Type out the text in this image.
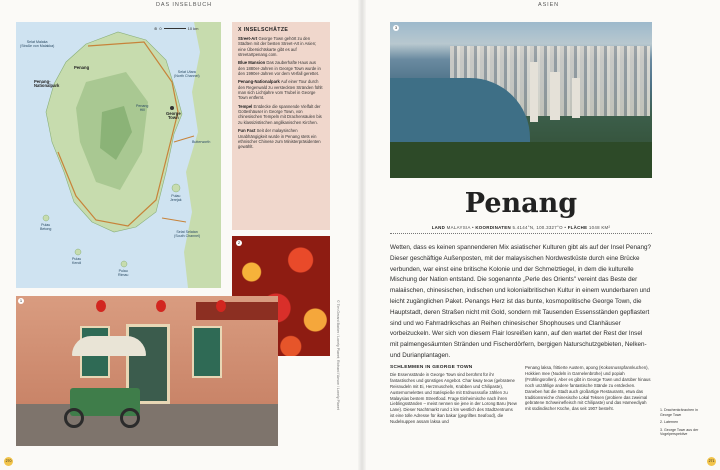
DAS INSELBUCH	ASIEN
⊛ 0	10 km
Selat Malaka
(Straße von Malakka)
Penang-
Nationalpark
Penang
Penang
Hill
George
Town
Selat Utara
(North Channel)
Butterworth
Selat Selatan
(South Channel)
Pulau
Betong
Pulau
Kendi
Pulau
Rimau
Pulau
Jerejak
X INSELSCHÄTZE

Street-Art George Town gehört zu den Städten mit der besten Street-Art in Asien; eine Übersichtskarte gibt es auf streetartpenang.com.

Blue Mansion Das zauberhafte Haus aus den 1880er-Jahren in George Town wurde in den 1990er-Jahren vor dem Verfall gerettet.

Penang-Nationalpark Auf einer Tour durch den Regenwald zu versteckten Stränden fühlt man sich Lichtjahre vom Trubel in George Town entfernt.

Tempel Entdecke die spannende Vielfalt der Gotteshäuser in George Town, von chinesischen Tempeln mit Drachensäulen bis zu klassizistischen anglikanischen Kirchen.

Fun Fact Seit der malaysischen Unabhängigkeit wurde in Penang stets ein ethnischer Chinese zum Ministerpräsidenten gewählt.

2
1	© Tim Gerard Barker / Lonely Planet; Richard l'Anson / Lonely Planet
3
Penang
LAND MALAYSIA • KOORDINATEN 5.4144°N, 100.3327°O • FLÄCHE 1048 KM²
Wetten, dass es keinen spannenderen Mix asiatischer Kulturen gibt als auf der Insel Penang? Dieser geschäftige Außenposten, mit der malaysischen Nordwestküste durch eine Brücke verbunden, war einst eine britische Kolonie und der Schmelztiegel, in dem die kulturelle Mischung der Nation entstand. Die sogenannte „Perle des Orients" vereint das Beste der malaiischen, chinesischen, indischen und kolonialbritischen Kultur in einem wunderbaren und leicht zugänglichen Paket. Penangs Herz ist das bunte, kosmopolitische George Town, die Hauptstadt, deren Straßen nicht mit Gold, sondern mit Tausenden Essensständen gepflastert sind und wo Fahrradrikschas an Reihen chinesischer Shophouses und Clanhäuser vorbeizuckeln. Wer sich von diesem Flair losreißen kann, auf den wartet der Rest der Insel mit palmengesäumten Stränden und Fischerdörfern, bergigen Naturschutzgebieten, Nelken- und Durianplantagen.
SCHLEMMEN IN GEORGE TOWN

Die Essensstände in George Town sind berühmt für ihr fantastisches und günstiges Angebot. Char kway teow (gebratene Reisnudeln mit Ei, Herzmuscheln, Krabben und Chilipaste), Austernomelettes und Satéspieße mit Erdnusssoße zählen zu Malaysias bestem Streetfood. Frage Einheimische nach ihren Lieblingsständen – meist nennen sie jene in der Lorong Baru (New Lane). Dieser Nachtmarkt rund 1 km westlich des Stadtzentrums ist eine tolle Adresse für ikan bakar (gegrilltes Seafood), die Nudelsuppen assam laksa und

Penang laksa, frittierte Austern, apong (Kokosnusspfannkuchen), Hokkien mee (Nudeln in Garnelenbrühe) und popiah (Frühlingsrollen). Aber es gibt in George Town und darüber hinaus noch unzählige andere fantastische Stände zu entdecken. Daneben hat die Stadt auch großartige Restaurants, etwa das traditionsreiche chinesische Lokal Teksen (probiere das zweimal gebratene Schweinefleisch mit Chilipaste) und das Hameediyah mit südindischer Küche, das seit 1907 besteht.	1. Drachenkränzchen in George Town

2. Laternen

3. George Town aus der Vogelperspektive

270	271
